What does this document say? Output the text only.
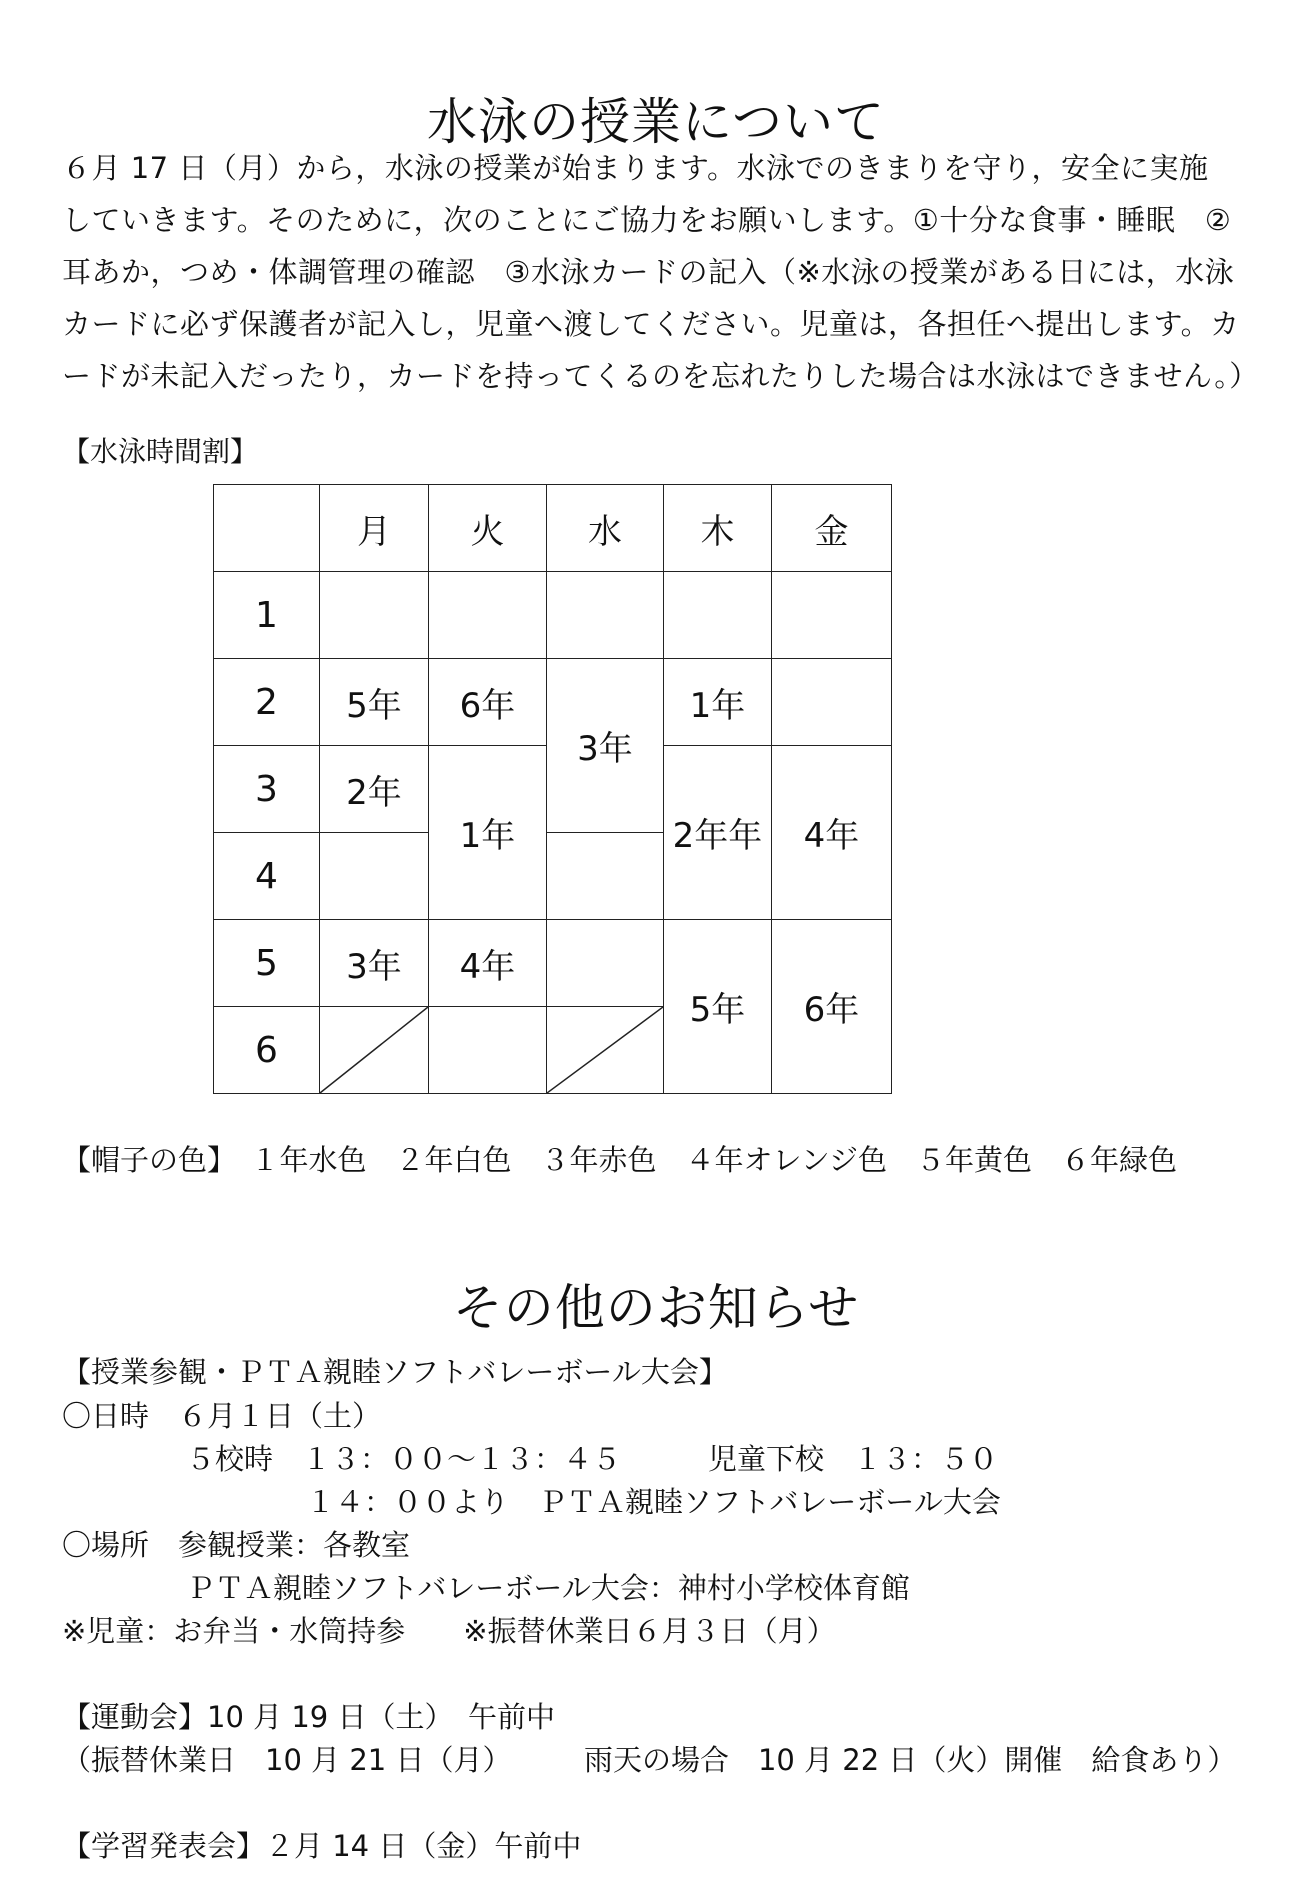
水泳の授業について

６月 17 日（月）から，水泳の授業が始まります。水泳でのきまりを守り，安全に実施

していきます。そのために，次のことにご協力をお願いします。①十分な食事・睡眠　②

耳あか，つめ・体調管理の確認　③水泳カードの記入（※水泳の授業がある日には，水泳

カードに必ず保護者が記入し，児童へ渡してください。児童は，各担任へ提出します。カ

ードが未記入だったり，カードを持ってくるのを忘れたりした場合は水泳はできません。）

【水泳時間割】
	月	火	水	木	金
1					
2	5年	6年	3年	1年	
3	2年	1年		2年年	4年
4					
5	3年	4年		5年	6年
6	

【帽子の色】　１年水色　２年白色　３年赤色　４年オレンジ色　５年黄色　６年緑色
その他のお知らせ
【授業参観・ＰＴＡ親睦ソフトバレーボール大会】
〇日時　６月１日（土）
５校時　１３：００～１３：４５　　　児童下校　１３：５０
１４：００より　ＰＴＡ親睦ソフトバレーボール大会
〇場所　参観授業：各教室
ＰＴＡ親睦ソフトバレーボール大会：神村小学校体育館
※児童：お弁当・水筒持参　　※振替休業日６月３日（月）
【運動会】10 月 19 日（土）　午前中
（振替休業日　10 月 21 日（月）　　　雨天の場合　10 月 22 日（火）開催　給食あり）
【学習発表会】２月 14 日（金）午前中
